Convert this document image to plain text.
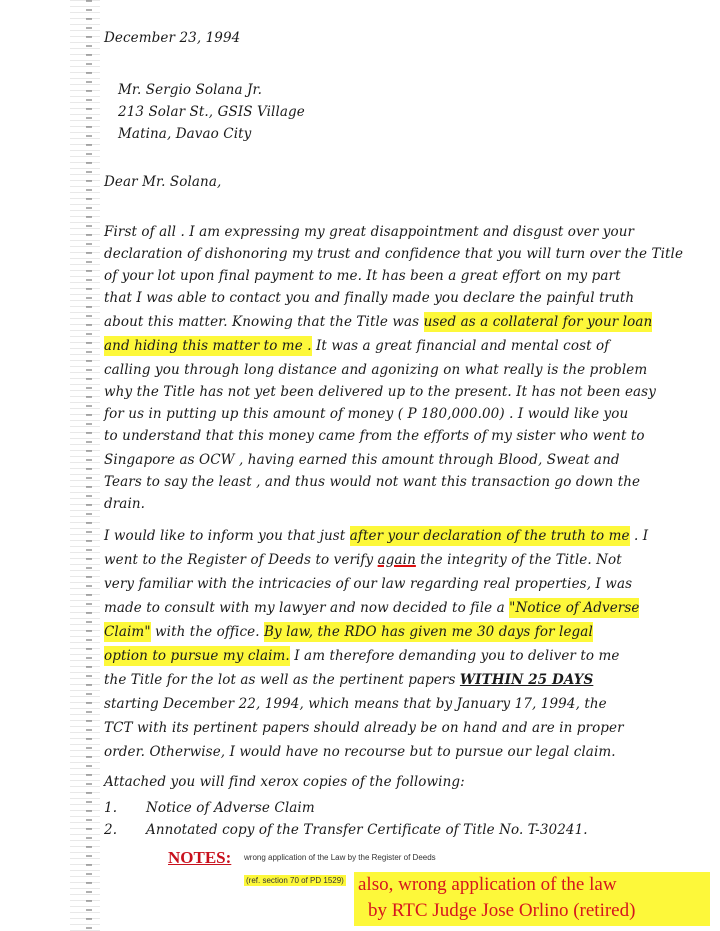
December 23, 1994
Mr. Sergio Solana Jr.
213 Solar St., GSIS Village
Matina, Davao City
Dear Mr. Solana,
First of all . I am expressing my great disappointment and disgust over your
declaration of dishonoring my trust and confidence that you will turn over the Title
of your lot upon final payment to me. It has been a great effort on my part
that I was able to contact you and finally made you declare the painful truth
about this matter. Knowing that the Title was used as a collateral for your loan
and hiding this matter to me . It was a great financial and mental cost of
calling you through long distance and agonizing on what really is the problem
why the Title has not yet been delivered up to the present. It has not been easy
for us in putting up this amount of money ( P 180,000.00) . I would like you
to understand that this money came from the efforts of my sister who went to
Singapore as OCW , having earned this amount through Blood, Sweat and
Tears to say the least , and thus would not want this transaction go down the
drain.
I would like to inform you that just after your declaration of the truth to me . I
went to the Register of Deeds to verify again the integrity of the Title. Not
very familiar with the intricacies of our law regarding real properties, I was
made to consult with my lawyer and now decided to file a "Notice of Adverse
Claim" with the office. By law, the RDO has given me 30 days for legal
option to pursue my claim. I am therefore demanding you to deliver to me
the Title for the lot as well as the pertinent papers WITHIN 25 DAYS
starting December 22, 1994, which means that by January 17, 1994, the
TCT with its pertinent papers should already be on hand and are in proper
order. Otherwise, I would have no recourse but to pursue our legal claim.
Attached you will find xerox copies of the following:
1. Notice of Adverse Claim
2. Annotated copy of the Transfer Certificate of Title No. T-30241.
NOTES: wrong application of the Law by the Register of Deeds
(ref. section 70 of PD 1529) also, wrong application of the law
by RTC Judge Jose Orlino (retired)
